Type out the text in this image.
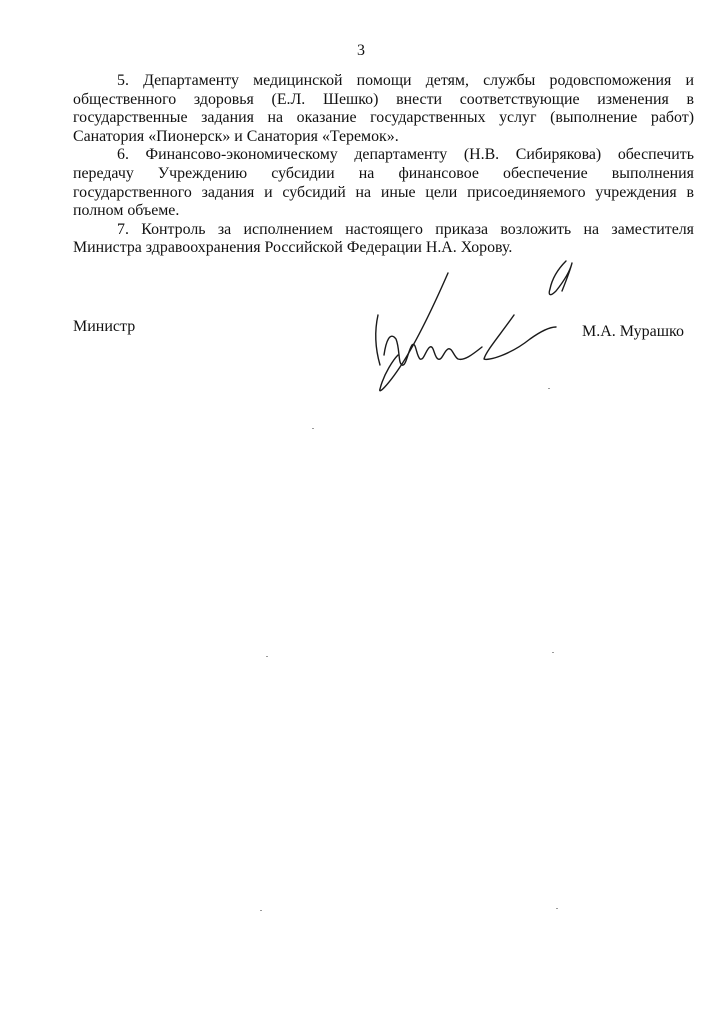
3

5. Департаменту медицинской помощи детям, службы родовспоможения и общественного здоровья (Е.Л. Шешко) внести соответствующие изменения в государственные задания на оказание государственных услуг (выполнение работ) Санатория «Пионерск» и Санатория «Теремок».

6. Финансово-экономическому департаменту (Н.В. Сибирякова) обеспечить передачу Учреждению субсидии на финансовое обеспечение выполнения государственного задания и субсидий на иные цели присоединяемого учреждения в полном объеме.

7. Контроль за исполнением настоящего приказа возложить на заместителя Министра здравоохранения Российской Федерации Н.А. Хорову.

Министр	М.А. Мурашко
